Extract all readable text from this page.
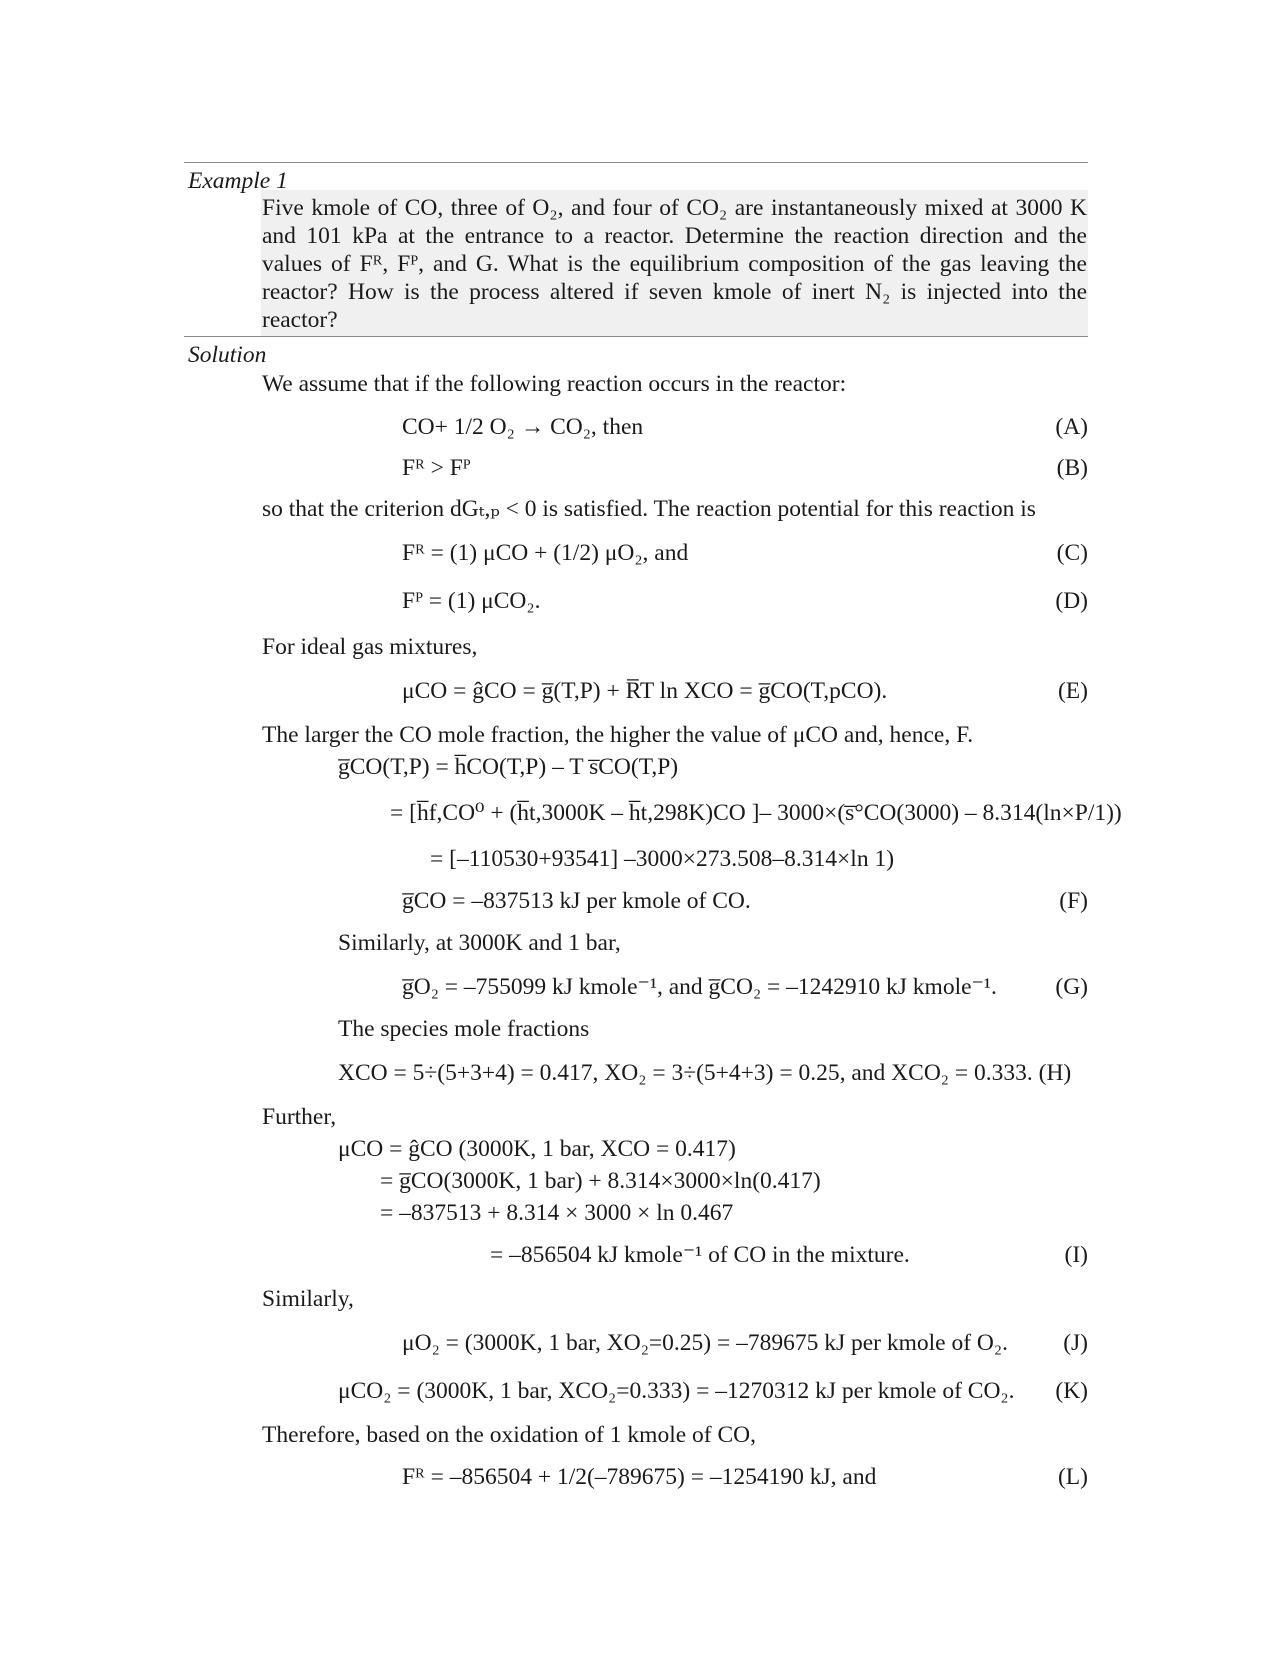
Example 1
Five kmole of CO, three of O₂, and four of CO₂ are instantaneously mixed at 3000 K and 101 kPa at the entrance to a reactor. Determine the reaction direction and the values of Fᴿ, Fᴾ, and G. What is the equilibrium composition of the gas leaving the reactor? How is the process altered if seven kmole of inert N₂ is injected into the reactor?
Solution
We assume that if the following reaction occurs in the reactor:
CO+ 1/2 O₂ → CO₂, then	(A)
Fᴿ > Fᴾ	(B)
so that the criterion dGₜ,ₚ < 0 is satisfied. The reaction potential for this reaction is
Fᴿ = (1) μCO + (1/2) μO₂, and	(C)
Fᴾ = (1) μCO₂.	(D)
For ideal gas mixtures,
μCO = ĝCO = g̅(T,P) + R̅T ln XCO = g̅CO(T,pCO).	(E)
The larger the CO mole fraction, the higher the value of μCO and, hence, F.
g̅CO(T,P) = h̅CO(T,P) – T s̅CO(T,P)
= [h̅f,CO⁰ + (h̅t,3000K – h̅t,298K)CO ]– 3000×(s̅°CO(3000) – 8.314(ln×P/1))
= [–110530+93541] –3000×273.508–8.314×ln 1)
g̅CO = –837513 kJ per kmole of CO.	(F)
Similarly, at 3000K and 1 bar,
g̅O₂ = –755099 kJ kmole⁻¹, and g̅CO₂ = –1242910 kJ kmole⁻¹. (G)
The species mole fractions
XCO = 5÷(5+3+4) = 0.417, XO₂ = 3÷(5+4+3) = 0.25, and XCO₂ = 0.333. (H)
Further,
μCO = ĝCO (3000K, 1 bar, XCO = 0.417)
= g̅CO(3000K, 1 bar) + 8.314×3000×ln(0.417)
= –837513 + 8.314 × 3000 × ln 0.467
= –856504 kJ kmole⁻¹ of CO in the mixture.	(I)
Similarly,
μO₂ = (3000K, 1 bar, XO₂=0.25) = –789675 kJ per kmole of O₂. (J)
μCO₂ = (3000K, 1 bar, XCO₂=0.333) = –1270312 kJ per kmole of CO₂. (K)
Therefore, based on the oxidation of 1 kmole of CO,
Fᴿ = –856504 + 1/2(–789675) = –1254190 kJ, and	(L)
